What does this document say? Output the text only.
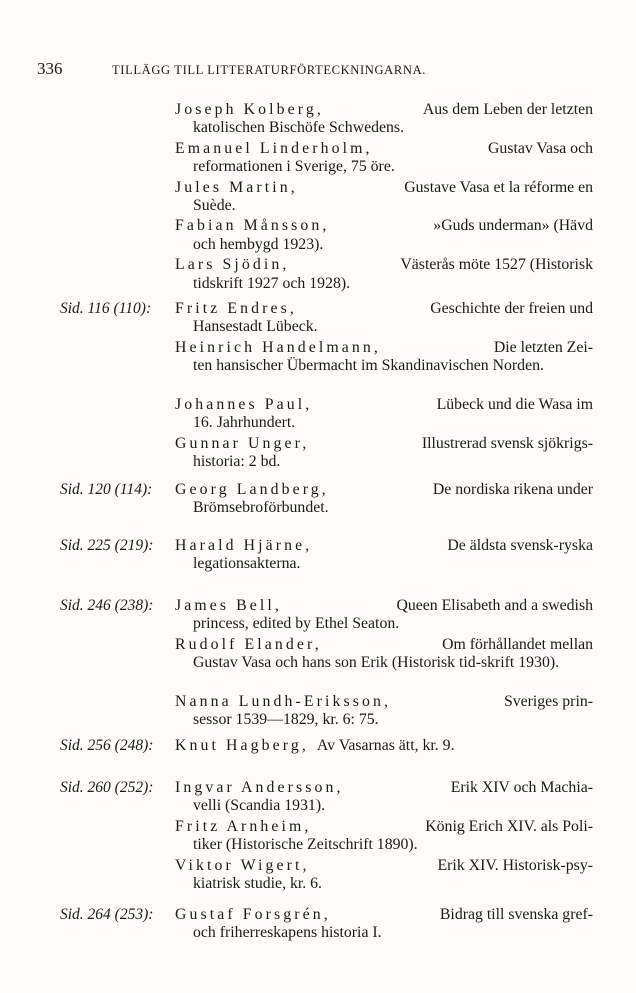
336	TILLÄGG TILL LITTERATURFÖRTECKNINGARNA.
Joseph Kolberg,	Aus dem Leben der letzten
katolischen Bischöfe Schwedens.
Emanuel Linderholm,	Gustav Vasa och
reformationen i Sverige, 75 öre.
Jules Martin,	Gustave Vasa et la réforme en
Suède.
Fabian Månsson,	»Guds underman» (Hävd
och hembygd 1923).
Lars Sjödin,	Västerås möte 1527 (Historisk
tidskrift 1927 och 1928).
Sid. 116 (110): Fritz Endres,	Geschichte der freien und
Hansestadt Lübeck.
Heinrich Handelmann,	Die letzten Zei-
ten hansischer Übermacht im Skandinavischen Norden.
Johannes Paul,	Lübeck und die Wasa im
16. Jahrhundert.
Gunnar Unger,	Illustrerad svensk sjökrigs-
historia: 2 bd.
Sid. 120 (114): Georg Landberg,	De nordiska rikena under
Brömsebroförbundet.
Sid. 225 (219): Harald Hjärne,	De äldsta svensk-ryska
legationsakterna.
Sid. 246 (238): James Bell,	Queen Elisabeth and a swedish
princess, edited by Ethel Seaton.
Rudolf Elander,	Om förhållandet mellan
Gustav Vasa och hans son Erik (Historisk tid-skrift 1930).
Nanna Lundh-Eriksson,	Sveriges prin-
sessor 1539—1829, kr. 6: 75.
Sid. 256 (248): Knut Hagberg, Av Vasarnas ätt, kr. 9.
Sid. 260 (252): Ingvar Andersson,	Erik XIV och Machia-
velli (Scandia 1931).
Fritz Arnheim,	König Erich XIV. als Poli-
tiker (Historische Zeitschrift 1890).
Viktor Wigert,	Erik XIV. Historisk-psy-
kiatrisk studie, kr. 6.
Sid. 264 (253): Gustaf Forsgrén,	Bidrag till svenska gref-
och friherreskapens historia I.
